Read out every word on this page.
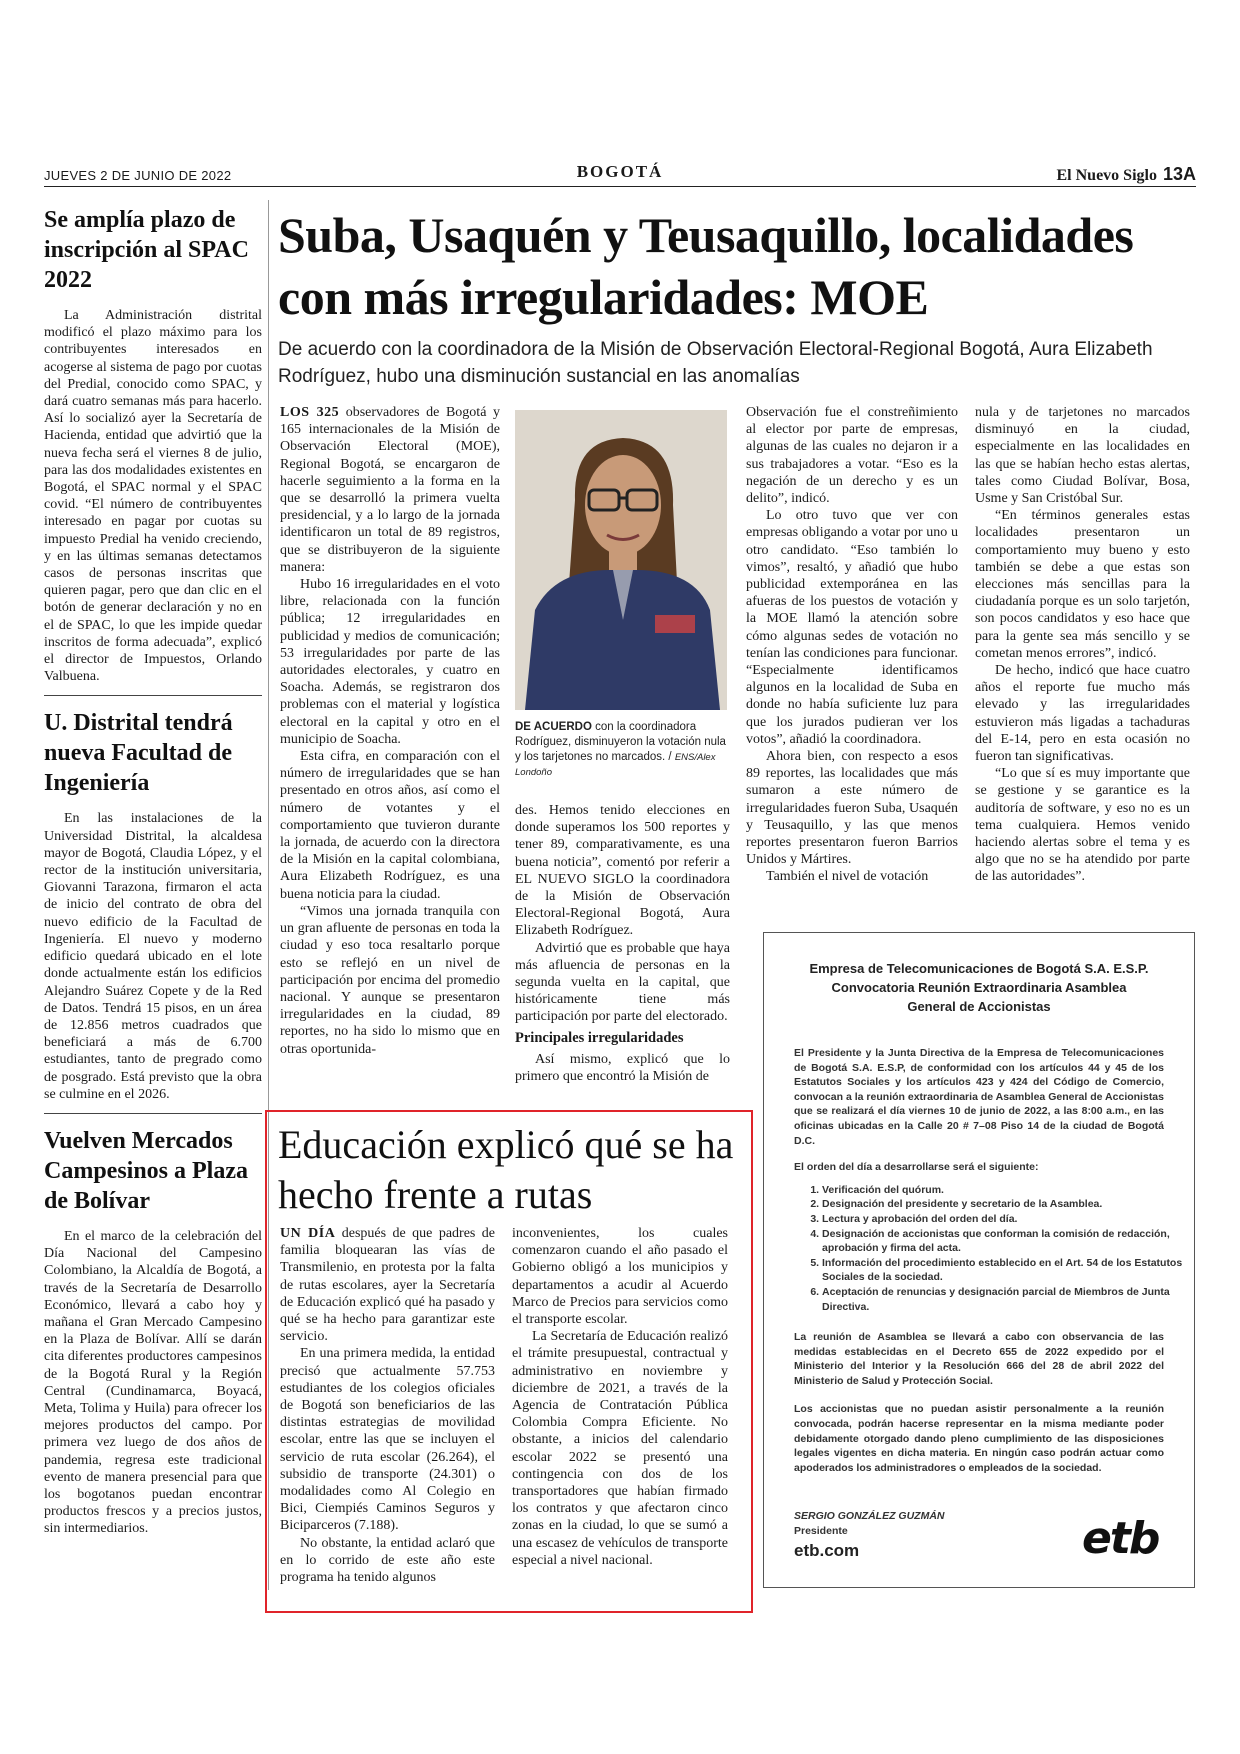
JUEVES 2 DE JUNIO DE 2022	BOGOTÁ	El Nuevo Siglo 13A
Se amplía plazo de inscripción al SPAC 2022

La Administración distrital modificó el plazo máximo para los contribuyentes interesados en acogerse al sistema de pago por cuotas del Predial, conocido como SPAC, y dará cuatro semanas más para hacerlo. Así lo socializó ayer la Secretaría de Hacienda, entidad que advirtió que la nueva fecha será el viernes 8 de julio, para las dos modalidades existentes en Bogotá, el SPAC normal y el SPAC covid. “El número de contribuyentes interesado en pagar por cuotas su impuesto Predial ha venido creciendo, y en las últimas semanas detectamos casos de personas inscritas que quieren pagar, pero que dan clic en el botón de generar declaración y no en el de SPAC, lo que les impide quedar inscritos de forma adecuada”, explicó el director de Impuestos, Orlando Valbuena.

U. Distrital tendrá nueva Facultad de Ingeniería

En las instalaciones de la Universidad Distrital, la alcaldesa mayor de Bogotá, Claudia López, y el rector de la institución universitaria, Giovanni Tarazona, firmaron el acta de inicio del contrato de obra del nuevo edificio de la Facultad de Ingeniería. El nuevo y moderno edificio quedará ubicado en el lote donde actualmente están los edificios Alejandro Suárez Copete y de la Red de Datos. Tendrá 15 pisos, en un área de 12.856 metros cuadrados que beneficiará a más de 6.700 estudiantes, tanto de pregrado como de posgrado. Está previsto que la obra se culmine en el 2026.

Vuelven Mercados Campesinos a Plaza de Bolívar

En el marco de la celebración del Día Nacional del Campesino Colombiano, la Alcaldía de Bogotá, a través de la Secretaría de Desarrollo Económico, llevará a cabo hoy y mañana el Gran Mercado Campesino en la Plaza de Bolívar. Allí se darán cita diferentes productores campesinos de la Bogotá Rural y la Región Central (Cundinamarca, Boyacá, Meta, Tolima y Huila) para ofrecer los mejores productos del campo. Por primera vez luego de dos años de pandemia, regresa este tradicional evento de manera presencial para que los bogotanos puedan encontrar productos frescos y a precios justos, sin intermediarios.

Suba, Usaquén y Teusaquillo, localidades con más irregularidades: MOE
De acuerdo con la coordinadora de la Misión de Observación Electoral-Regional Bogotá, Aura Elizabeth Rodríguez, hubo una disminución sustancial en las anomalías

LOS 325 observadores de Bogotá y 165 internacionales de la Misión de Observación Electoral (MOE), Regional Bogotá, se encargaron de hacerle seguimiento a la forma en la que se desarrolló la primera vuelta presidencial, y a lo largo de la jornada identificaron un total de 89 registros, que se distribuyeron de la siguiente manera:

Hubo 16 irregularidades en el voto libre, relacionada con la función pública; 12 irregularidades en publicidad y medios de comunicación; 53 irregularidades por parte de las autoridades electorales, y cuatro en Soacha. Además, se registraron dos problemas con el material y logística electoral en la capital y otro en el municipio de Soacha.

Esta cifra, en comparación con el número de irregularidades que se han presentado en otros años, así como el número de votantes y el comportamiento que tuvieron durante la jornada, de acuerdo con la directora de la Misión en la capital colombiana, Aura Elizabeth Rodríguez, es una buena noticia para la ciudad.

“Vimos una jornada tranquila con un gran afluente de personas en toda la ciudad y eso toca resaltarlo porque esto se reflejó en un nivel de participación por encima del promedio nacional. Y aunque se presentaron irregularidades en la ciudad, 89 reportes, no ha sido lo mismo que en otras oportunida-

DE ACUERDO con la coordinadora Rodríguez, disminuyeron la votación nula y los tarjetones no marcados. / ENS/Alex Londoño

des. Hemos tenido elecciones en donde superamos los 500 reportes y tener 89, comparativamente, es una buena noticia”, comentó por referir a EL NUEVO SIGLO la coordinadora de la Misión de Observación Electoral-Regional Bogotá, Aura Elizabeth Rodríguez.

Advirtió que es probable que haya más afluencia de personas en la segunda vuelta en la capital, que históricamente tiene más participación por parte del electorado.

Principales irregularidades

Así mismo, explicó que lo primero que encontró la Misión de

Observación fue el constreñimiento al elector por parte de empresas, algunas de las cuales no dejaron ir a sus trabajadores a votar. “Eso es la negación de un derecho y es un delito”, indicó.

Lo otro tuvo que ver con empresas obligando a votar por uno u otro candidato. “Eso también lo vimos”, resaltó, y añadió que hubo publicidad extemporánea en las afueras de los puestos de votación y la MOE llamó la atención sobre cómo algunas sedes de votación no tenían las condiciones para funcionar. “Especialmente identificamos algunos en la localidad de Suba en donde no había suficiente luz para que los jurados pudieran ver los votos”, añadió la coordinadora.

Ahora bien, con respecto a esos 89 reportes, las localidades que más sumaron a este número de irregularidades fueron Suba, Usaquén y Teusaquillo, y las que menos reportes presentaron fueron Barrios Unidos y Mártires.

También el nivel de votación

nula y de tarjetones no marcados disminuyó en la ciudad, especialmente en las localidades en las que se habían hecho estas alertas, tales como Ciudad Bolívar, Bosa, Usme y San Cristóbal Sur.

“En términos generales estas localidades presentaron un comportamiento muy bueno y esto también se debe a que estas son elecciones más sencillas para la ciudadanía porque es un solo tarjetón, son pocos candidatos y eso hace que para la gente sea más sencillo y se cometan menos errores”, indicó.

De hecho, indicó que hace cuatro años el reporte fue mucho más elevado y las irregularidades estuvieron más ligadas a tachaduras del E-14, pero en esta ocasión no fueron tan significativas.

“Lo que sí es muy importante que se gestione y se garantice es la auditoría de software, y eso no es un tema cualquiera. Hemos venido haciendo alertas sobre el tema y es algo que no se ha atendido por parte de las autoridades”.

Educación explicó qué se ha hecho frente a rutas

UN DÍA después de que padres de familia bloquearan las vías de Transmilenio, en protesta por la falta de rutas escolares, ayer la Secretaría de Educación explicó qué ha pasado y qué se ha hecho para garantizar este servicio.

En una primera medida, la entidad precisó que actualmente 57.753 estudiantes de los colegios oficiales de Bogotá son beneficiarios de las distintas estrategias de movilidad escolar, entre las que se incluyen el servicio de ruta escolar (26.264), el subsidio de transporte (24.301) o modalidades como Al Colegio en Bici, Ciempiés Caminos Seguros y Biciparceros (7.188).

No obstante, la entidad aclaró que en lo corrido de este año este programa ha tenido algunos

inconvenientes, los cuales comenzaron cuando el año pasado el Gobierno obligó a los municipios y departamentos a acudir al Acuerdo Marco de Precios para servicios como el transporte escolar.

La Secretaría de Educación realizó el trámite presupuestal, contractual y administrativo en noviembre y diciembre de 2021, a través de la Agencia de Contratación Pública Colombia Compra Eficiente. No obstante, a inicios del calendario escolar 2022 se presentó una contingencia con dos de los transportadores que habían firmado los contratos y que afectaron cinco zonas en la ciudad, lo que se sumó a una escasez de vehículos de transporte especial a nivel nacional.

Empresa de Telecomunicaciones de Bogotá S.A. E.S.P.
Convocatoria Reunión Extraordinaria Asamblea
General de Accionistas
El Presidente y la Junta Directiva de la Empresa de Telecomunicaciones de Bogotá S.A. E.S.P, de conformidad con los artículos 44 y 45 de los Estatutos Sociales y los artículos 423 y 424 del Código de Comercio, convocan a la reunión extraordinaria de Asamblea General de Accionistas que se realizará el día viernes 10 de junio de 2022, a las 8:00 a.m., en las oficinas ubicadas en la Calle 20 # 7–08 Piso 14 de la ciudad de Bogotá D.C.
El orden del día a desarrollarse será el siguiente:
1. Verificación del quórum.
2. Designación del presidente y secretario de la Asamblea.
3. Lectura y aprobación del orden del día.
4. Designación de accionistas que conforman la comisión de redacción, aprobación y firma del acta.
5. Información del procedimiento establecido en el Art. 54 de los Estatutos Sociales de la sociedad.
6. Aceptación de renuncias y designación parcial de Miembros de Junta Directiva.
La reunión de Asamblea se llevará a cabo con observancia de las medidas establecidas en el Decreto 655 de 2022 expedido por el Ministerio del Interior y la Resolución 666 del 28 de abril 2022 del Ministerio de Salud y Protección Social.
Los accionistas que no puedan asistir personalmente a la reunión convocada, podrán hacerse representar en la misma mediante poder debidamente otorgado dando pleno cumplimiento de las disposiciones legales vigentes en dicha materia. En ningún caso podrán actuar como apoderados los administradores o empleados de la sociedad.
SERGIO GONZÁLEZ GUZMÁN
Presidente
etb.com	etb
